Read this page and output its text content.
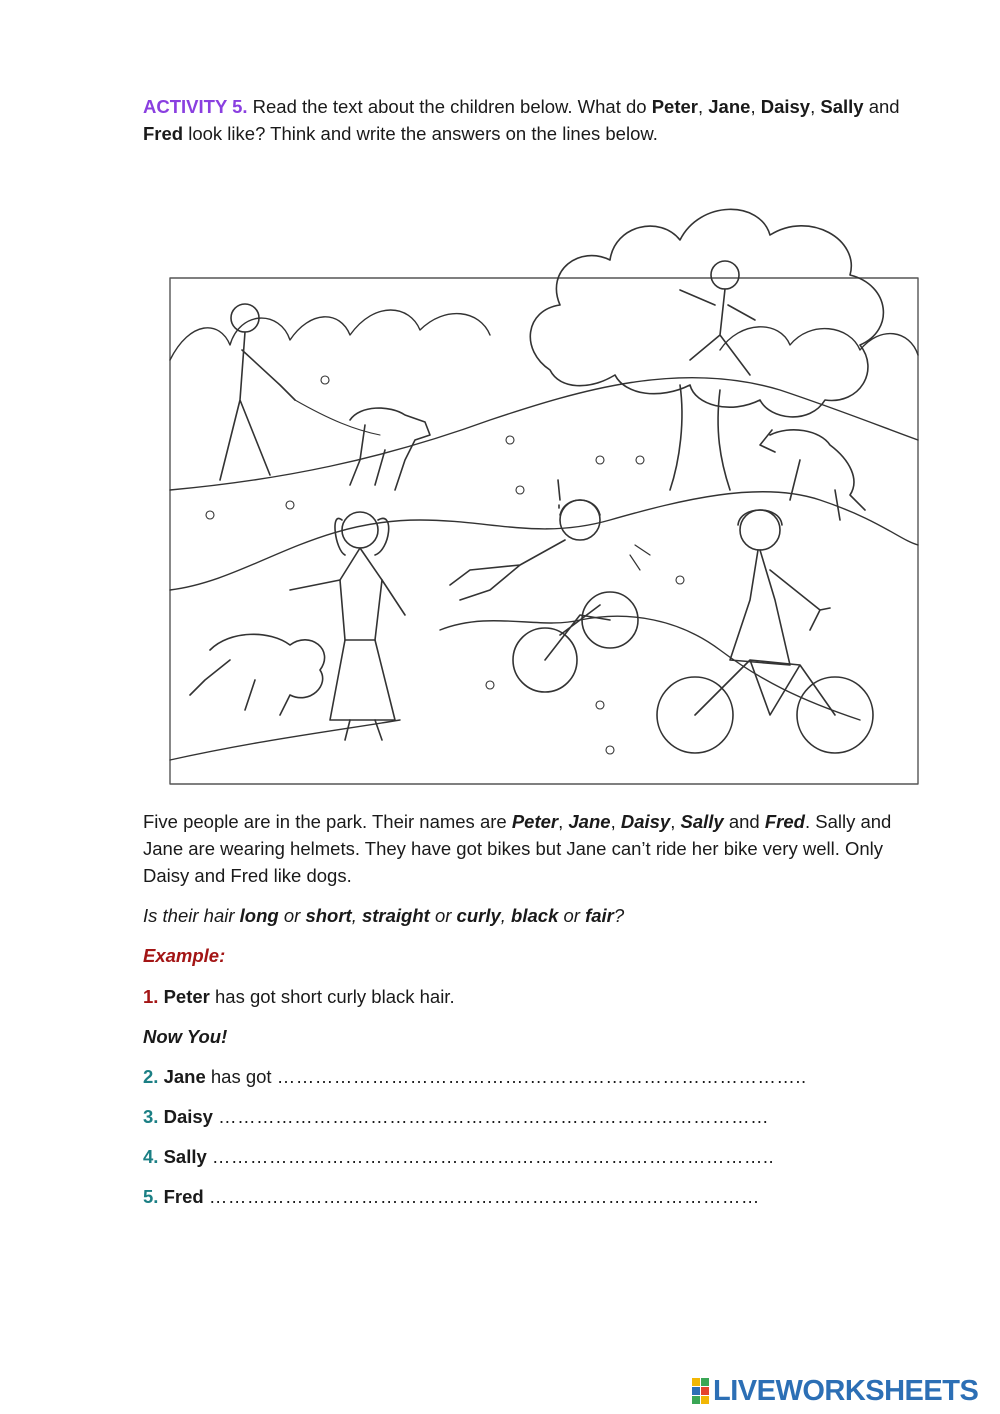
ACTIVITY 5. Read the text about the children below. What do Peter, Jane, Daisy, Sally and Fred look like? Think and write the answers on the lines below.
Five people are in the park. Their names are Peter, Jane, Daisy, Sally and Fred. Sally and Jane are wearing helmets. They have got bikes but Jane can’t ride her bike very well. Only Daisy and Fred like dogs.
Is their hair long or short, straight or curly, black or fair?
Example:
1. Peter has got short curly black hair.
Now You!
2. Jane has got ………………………………….……………………………………..
3. Daisy ……………………………………………………………………………
4. Sally ……………………………………………………………………………..
5. Fred ……………………………………………………………………………
LIVEWORKSHEETS
